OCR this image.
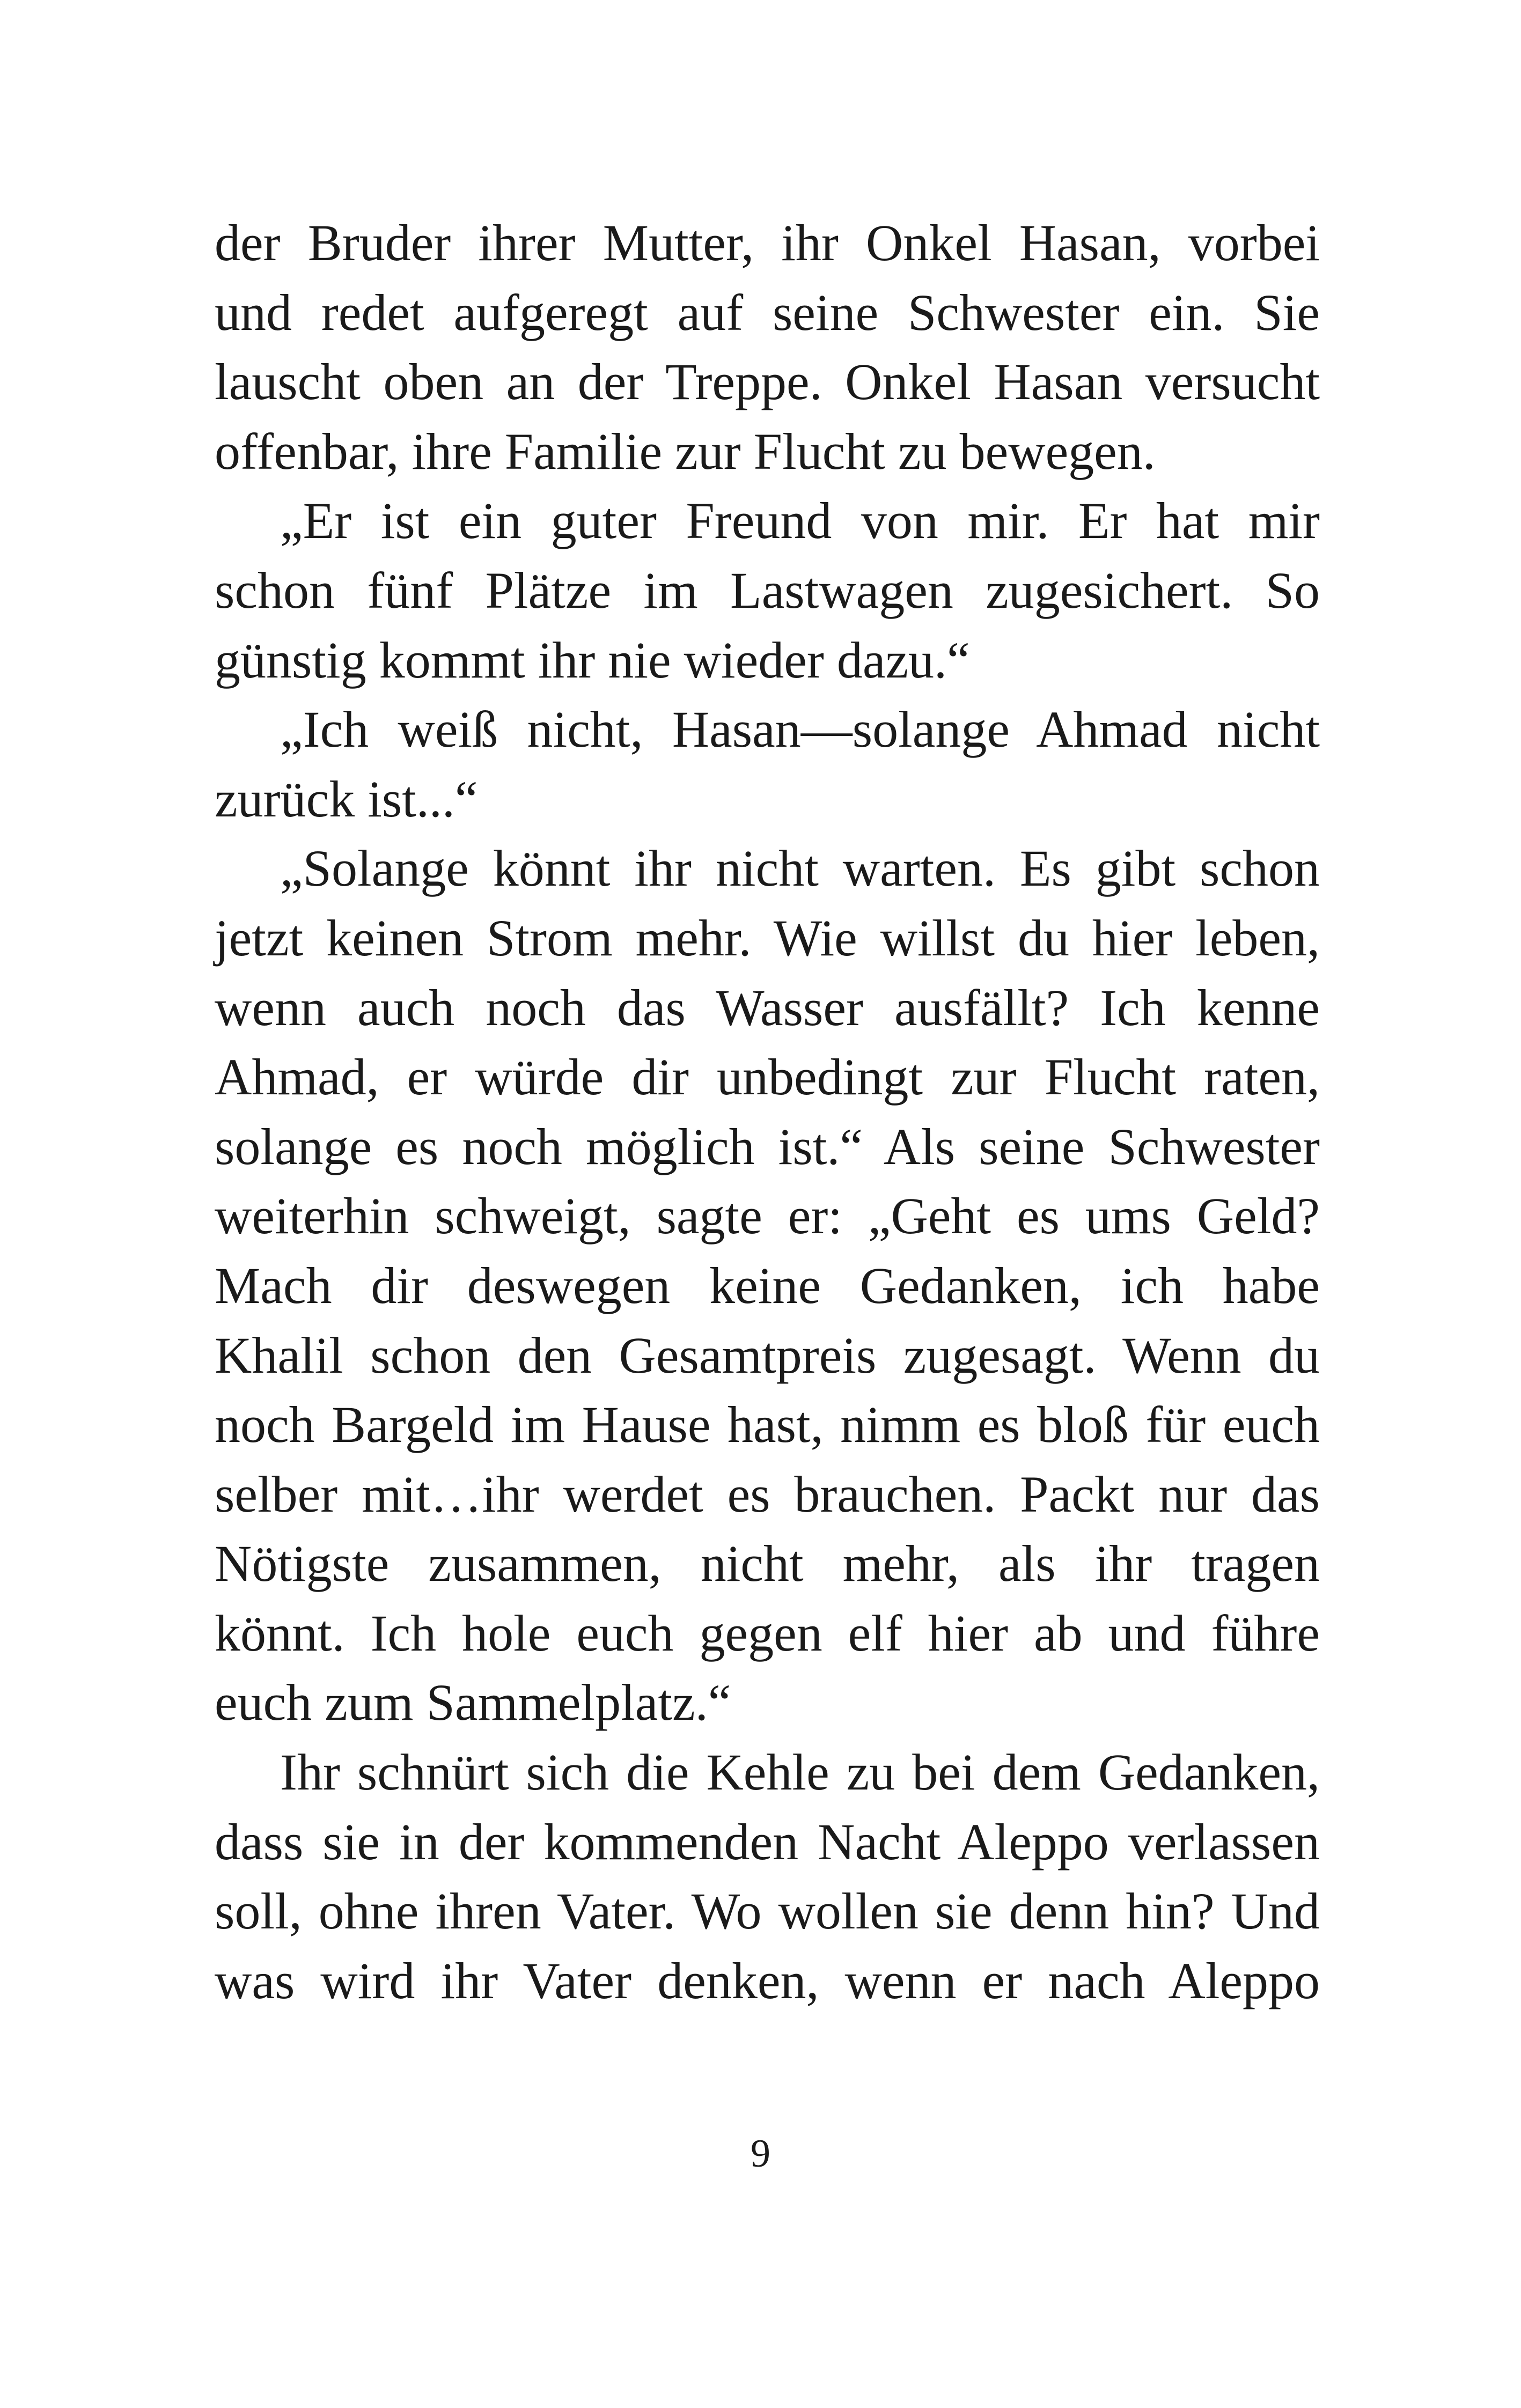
der Bruder ihrer Mutter, ihr Onkel Hasan, vorbei
und redet aufgeregt auf seine Schwester ein. Sie
lauscht oben an der Treppe. Onkel Hasan versucht
offenbar, ihre Familie zur Flucht zu bewegen.
„Er ist ein guter Freund von mir. Er hat mir
schon fünf Plätze im Lastwagen zugesichert. So
günstig kommt ihr nie wieder dazu.“
„Ich weiß nicht, Hasan—solange Ahmad nicht
zurück ist...“
„Solange könnt ihr nicht warten. Es gibt schon
jetzt keinen Strom mehr. Wie willst du hier leben,
wenn auch noch das Wasser ausfällt? Ich kenne
Ahmad, er würde dir unbedingt zur Flucht raten,
solange es noch möglich ist.“ Als seine Schwester
weiterhin schweigt, sagte er: „Geht es ums Geld?
Mach dir deswegen keine Gedanken, ich habe
Khalil schon den Gesamtpreis zugesagt. Wenn du
noch Bargeld im Hause hast, nimm es bloß für euch
selber mit…ihr werdet es brauchen. Packt nur das
Nötigste zusammen, nicht mehr, als ihr tragen
könnt. Ich hole euch gegen elf hier ab und führe
euch zum Sammelplatz.“
Ihr schnürt sich die Kehle zu bei dem Gedanken,
dass sie in der kommenden Nacht Aleppo verlassen
soll, ohne ihren Vater. Wo wollen sie denn hin? Und
was wird ihr Vater denken, wenn er nach Aleppo
9
